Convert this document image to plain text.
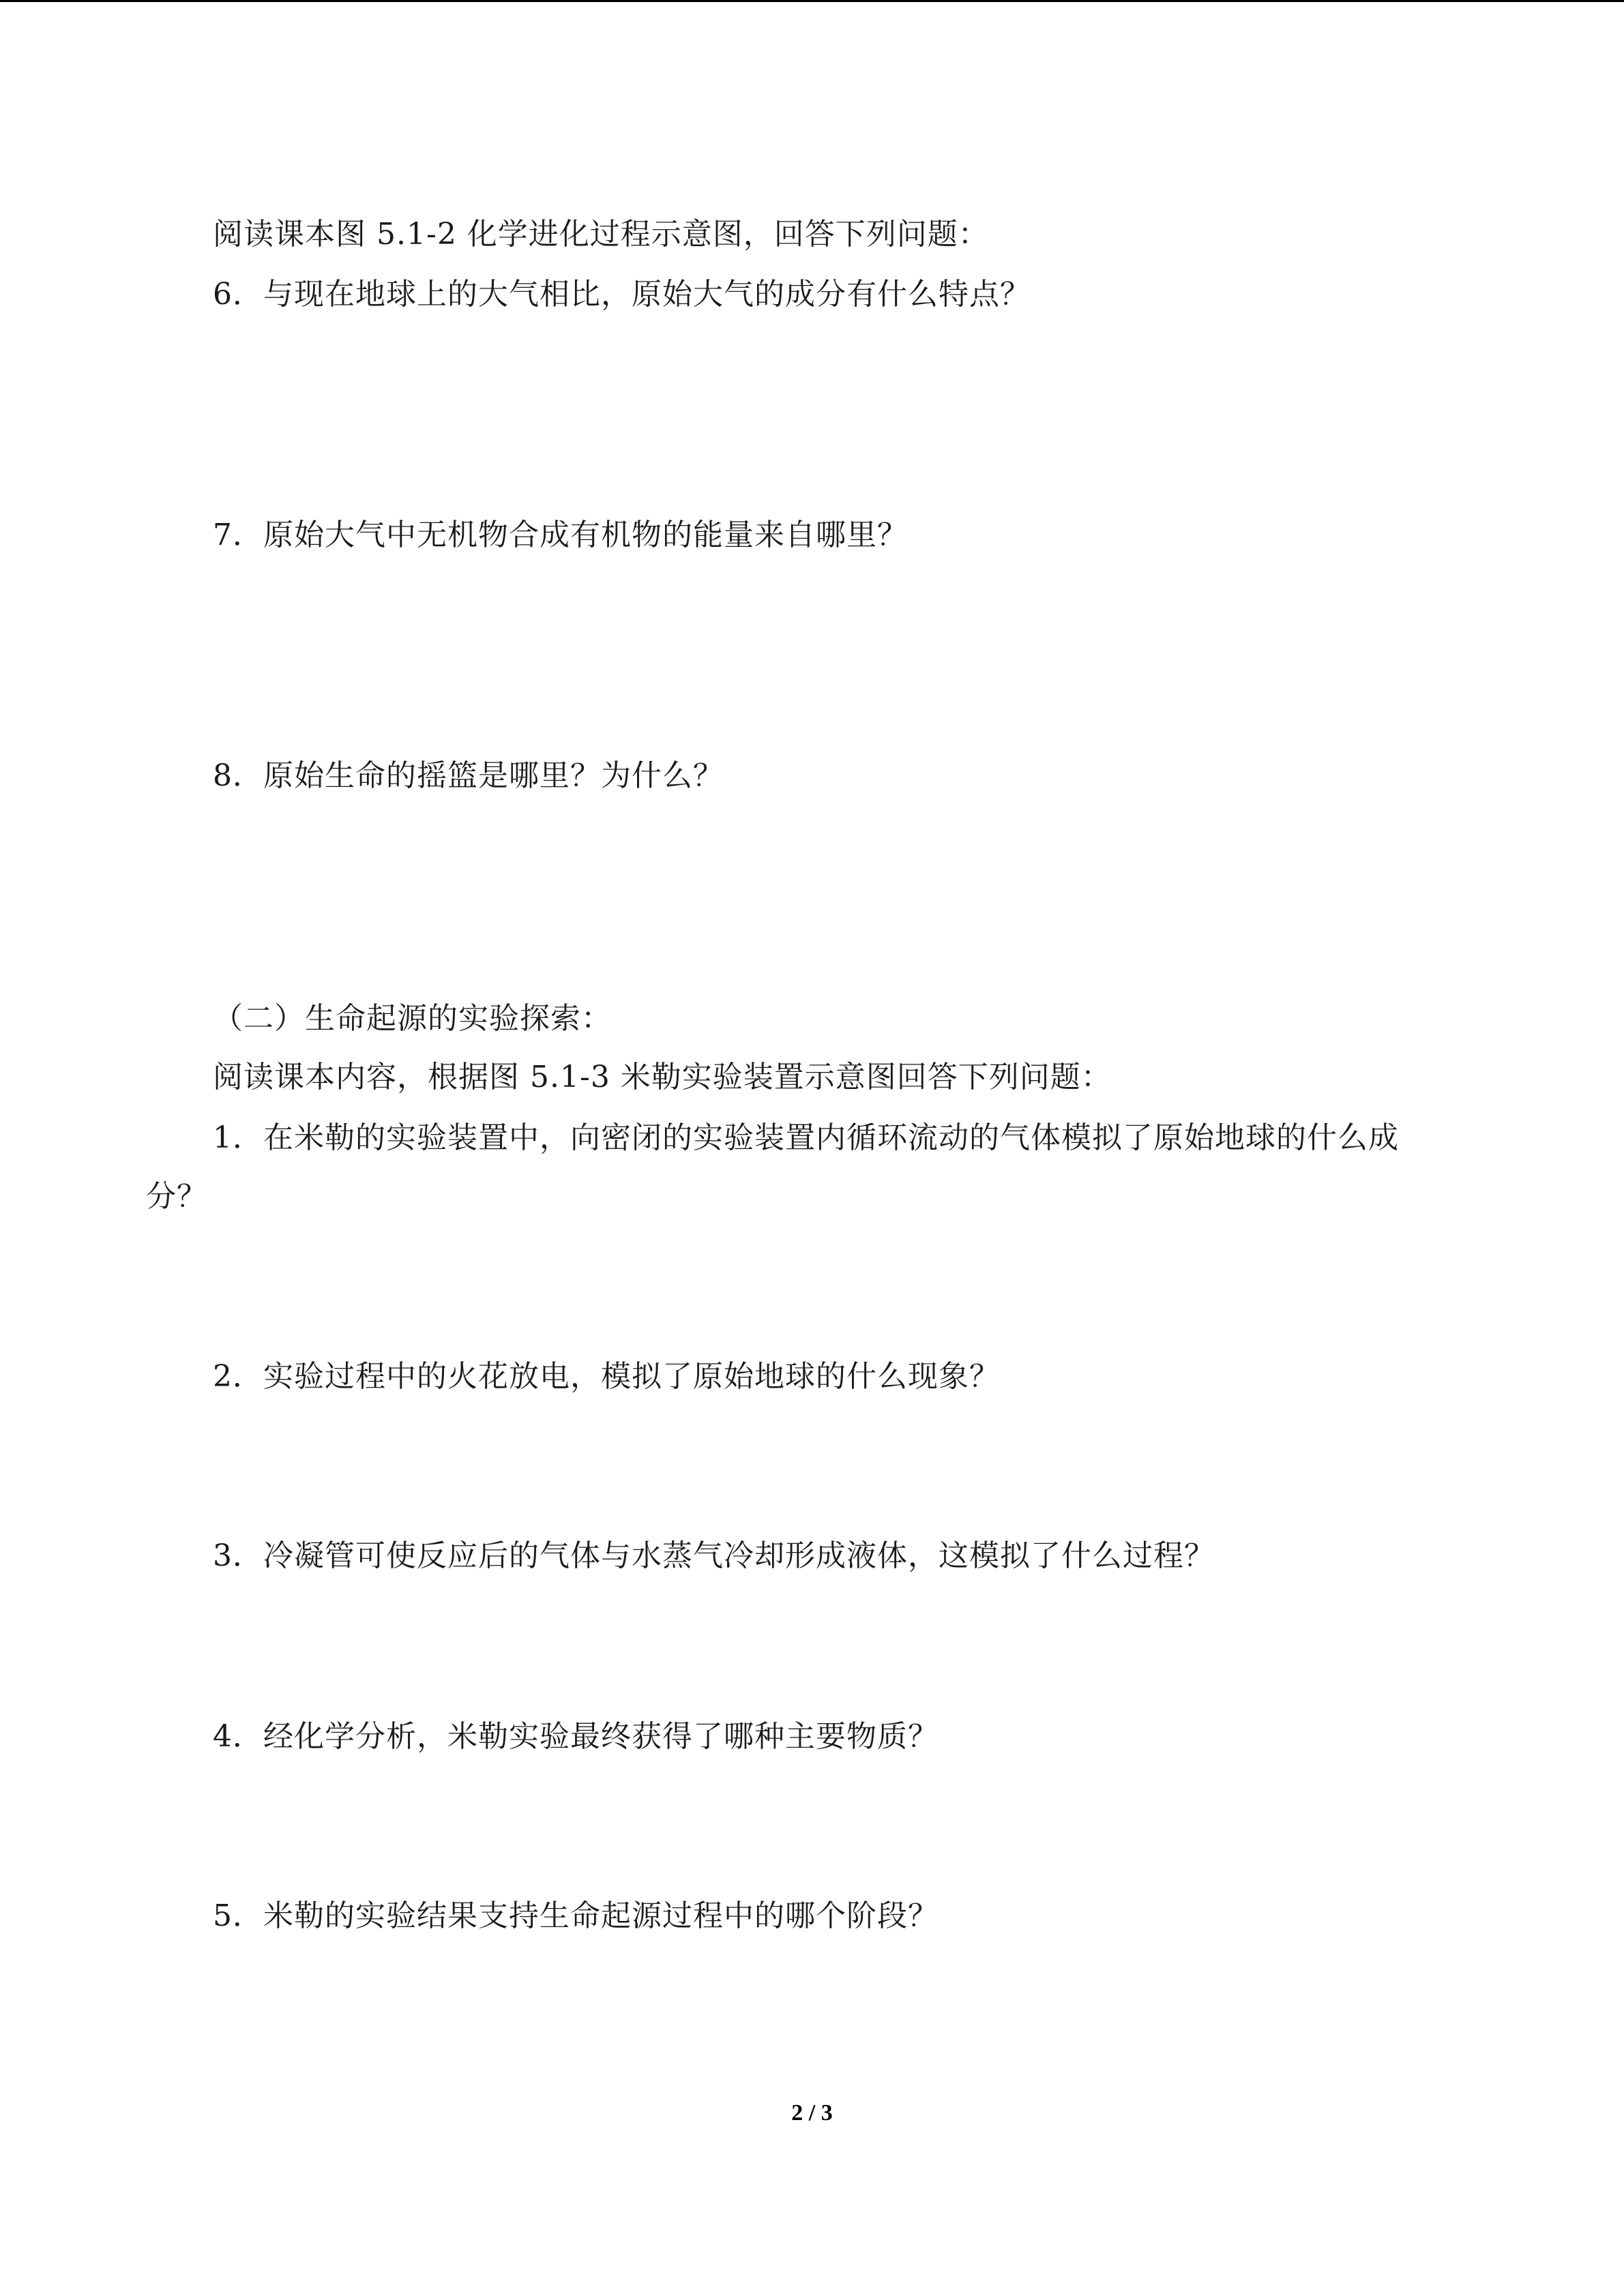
阅读课本图 5.1-2 化学进化过程示意图，回答下列问题：
6．与现在地球上的大气相比，原始大气的成分有什么特点？
7．原始大气中无机物合成有机物的能量来自哪里？
8．原始生命的摇篮是哪里？为什么？
（二）生命起源的实验探索：
阅读课本内容，根据图 5.1-3 米勒实验装置示意图回答下列问题：
1．在米勒的实验装置中，向密闭的实验装置内循环流动的气体模拟了原始地球的什么成
分？
2．实验过程中的火花放电，模拟了原始地球的什么现象？
3．冷凝管可使反应后的气体与水蒸气冷却形成液体，这模拟了什么过程？
4．经化学分析，米勒实验最终获得了哪种主要物质？
5．米勒的实验结果支持生命起源过程中的哪个阶段？
2 / 3
